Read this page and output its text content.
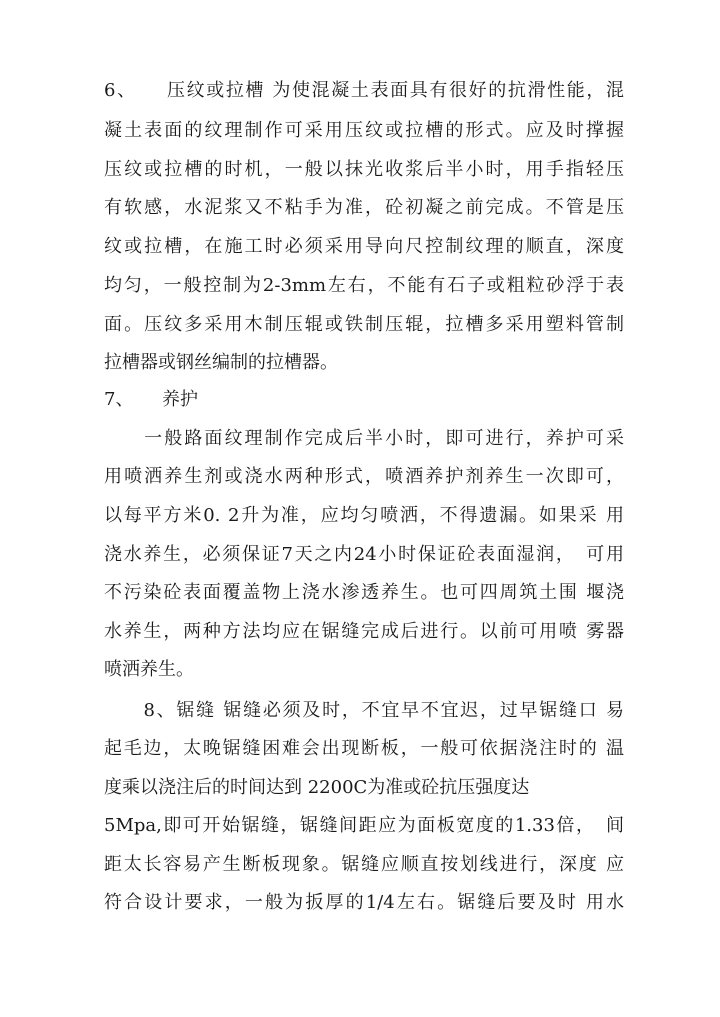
6、　　压纹或拉槽 为使混凝土表面具有很好的抗滑性能，混
凝土表面的纹理制作可采用压纹或拉槽的形式。应及时撑握
压纹或拉槽的时机，一般以抹光收浆后半小时，用手指轻压
有软感，水泥浆又不粘手为准，砼初凝之前完成。不管是压
纹或拉槽，在施工时必须采用导向尺控制纹理的顺直，深度
均匀，一般控制为2-3mm左右，不能有石子或粗粒砂浮于表
面。压纹多采用木制压辊或铁制压辊，拉槽多采用塑料管制
拉槽器或钢丝编制的拉槽器。
7、 养护
　　一般路面纹理制作完成后半小时，即可进行，养护可采
用喷洒养生剂或浇水两种形式，喷酒养护剂养生一次即可，
以每平方米0. 2升为准，应均匀喷洒，不得遗漏。如果采 用
浇水养生，必须保证7天之内24小时保证砼表面湿润，　可用
不污染砼表面覆盖物上浇水渗透养生。也可四周筑土围 堰浇
水养生，两种方法均应在锯缝完成后进行。以前可用喷 雾器
喷洒养生。
　　8、锯缝 锯缝必须及时，不宜早不宜迟，过早锯缝口 易
起毛边，太晚锯缝困难会出现断板，一般可依据浇注时的 温
度乘以浇注后的时间达到 2200C为准或砼抗压强度达
5Mpa,即可开始锯缝，锯缝间距应为面板宽度的1.33倍，　间
距太长容易产生断板现象。锯缝应顺直按划线进行，深度 应
符合设计要求，一般为扳厚的1/4左右。锯缝后要及时 用水
